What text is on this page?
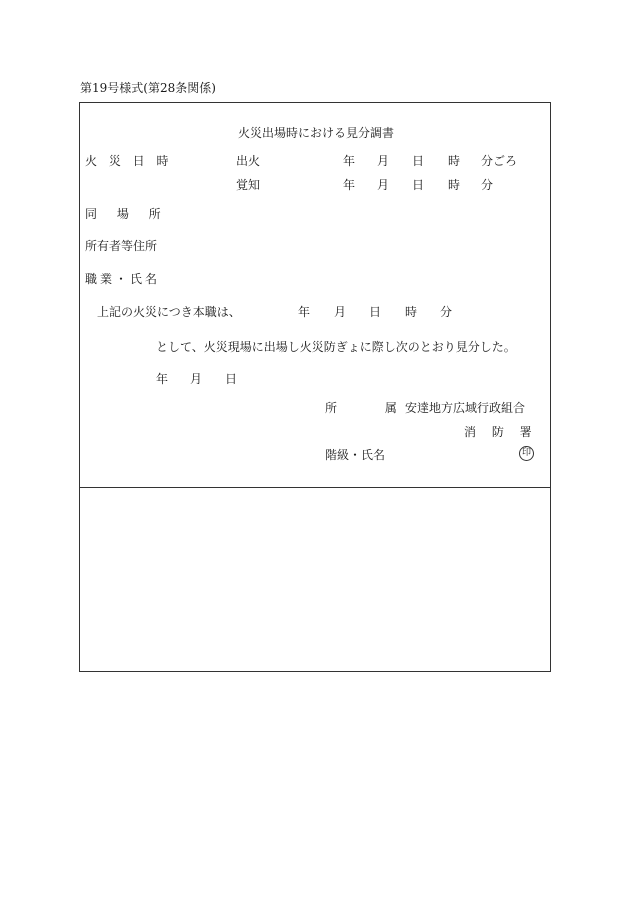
第19号様式(第28条関係)
火災出場時における見分調書
火 災 日 時	出火	年 月 日 時 分ごろ
覚知	年 月 日 時 分
同 場 所
所有者等住所
職業・氏名
上記の火災につき本職は、	年 月 日 時 分
として、火災現場に出場し火災防ぎょに際し次のとおり見分した。
年 月 日
所 属
安達地方広域行政組合
消 防 署
階級・氏名	印
